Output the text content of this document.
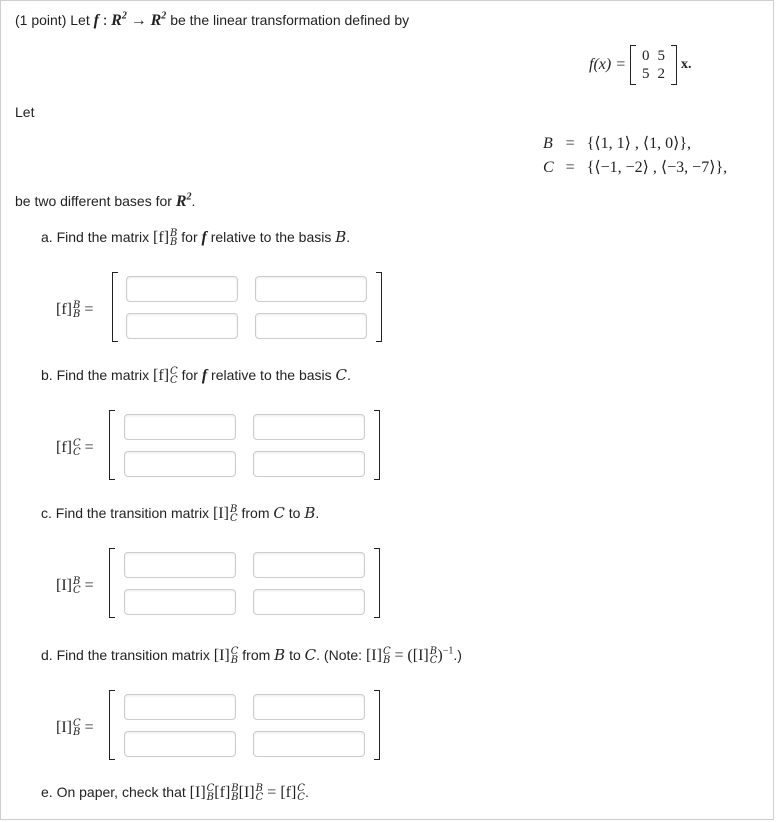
(1 point) Let f : $R^2 \to R^2$ be the linear transformation defined by
f(x) = 0	5
5	2
x.
Let
B	=	{⟨1, 1⟩ , ⟨1, 0⟩},
C	=	{⟨−1, −2⟩ , ⟨−3, −7⟩},
be two different bases for $R^2$.
a. Find the matrix [f] B
B for f relative to the basis B.
[f] B
B =
b. Find the matrix [f] C
C for f relative to the basis C.
[f] C
C =
c. Find the transition matrix [I] B
C from C to B.
[I] B
C =
d. Find the transition matrix [I] C
B from B to C. (Note: [I] C
B = ([I] B
C )$^{-1}$.)
[I] C
B =
e. On paper, check that [I] C
B [f] B
B [I] B
C = [f] C
C .
